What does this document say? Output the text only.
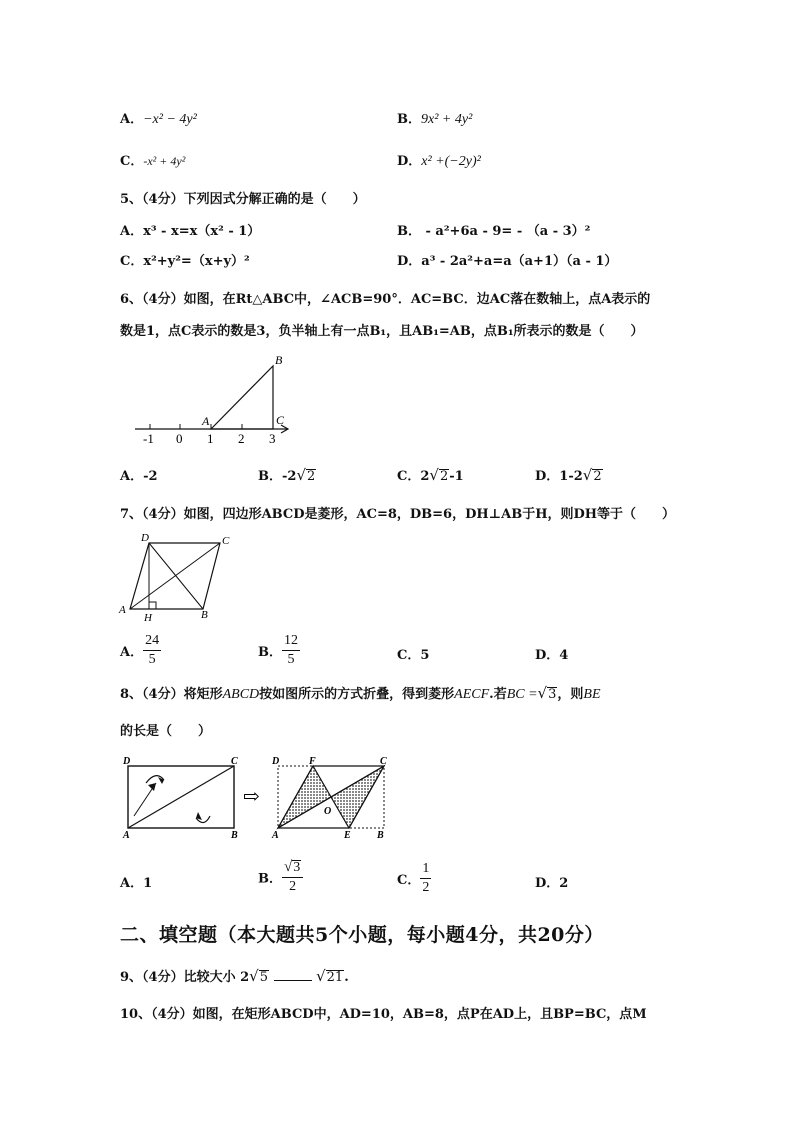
A．−x² − 4y²	B．9x² + 4y²
C．-x² + 4y²	D．x² +(−2y)²
5、（4分）下列因式分解正确的是（　　）
A．x³ - x=x（x² - 1）	B． - a²+6a - 9= - （a - 3）²
C．x²+y²=（x+y）²	D．a³ - 2a²+a=a（a+1）（a - 1）
6、（4分）如图，在Rt△ABC中，∠ACB=90°．AC=BC．边AC落在数轴上，点A表示的
数是1，点C表示的数是3，负半轴上有一点B₁，且AB₁=AB，点B₁所表示的数是（　　）
B
A	C
-1 0 1 2 3
A．-2	B．-2√2	C．2√2-1	D．1-2√2
7、（4分）如图，四边形ABCD是菱形，AC=8，DB=6，DH⊥AB于H，则DH等于（　　）
D	C
A
H	B
A． $\frac{24}{5}$	B． $\frac{12}{5}$	C．5	D．4
8、（4分）将矩形ABCD按如图所示的方式折叠，得到菱形AECF.若BC =√3，则BE
的长是（　　）
D	C
A	B
⇨
D	F	C
O
A	E	B
A．1	B． $\frac{√3}{2}$	C． $\frac{1}{2}$	D．2
二、填空题（本大题共5个小题，每小题4分，共20分）
9、（4分）比较大小 2√5	√21.
10、（4分）如图，在矩形ABCD中，AD=10，AB=8，点P在AD上，且BP=BC，点M
